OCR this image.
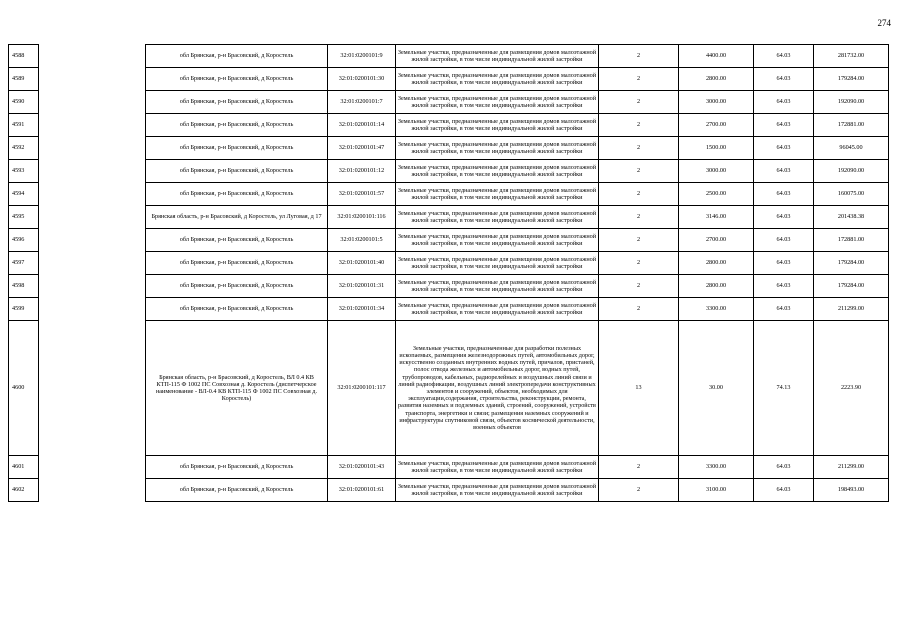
274
4588		обл Брянская, р-н Брасовский, д Коростель	32:01:0200101:9	Земельные участки, предназначенные для размещения домов малоэтажной жилой застройки, в том числе индивидуальной жилой застройки	2	4400.00	64.03	281732.00
4589		обл Брянская, р-н Брасовский, д Коростель	32:01:0200101:30	Земельные участки, предназначенные для размещения домов малоэтажной жилой застройки, в том числе индивидуальной жилой застройки	2	2800.00	64.03	179284.00
4590		обл Брянская, р-н Брасовский, д Коростель	32:01:0200101:7	Земельные участки, предназначенные для размещения домов малоэтажной жилой застройки, в том числе индивидуальной жилой застройки	2	3000.00	64.03	192090.00
4591		обл Брянская, р-н Брасовский, д Коростель	32:01:0200101:14	Земельные участки, предназначенные для размещения домов малоэтажной жилой застройки, в том числе индивидуальной жилой застройки	2	2700.00	64.03	172881.00
4592		обл Брянская, р-н Брасовский, д Коростель	32:01:0200101:47	Земельные участки, предназначенные для размещения домов малоэтажной жилой застройки, в том числе индивидуальной жилой застройки	2	1500.00	64.03	96045.00
4593		обл Брянская, р-н Брасовский, д Коростель	32:01:0200101:12	Земельные участки, предназначенные для размещения домов малоэтажной жилой застройки, в том числе индивидуальной жилой застройки	2	3000.00	64.03	192090.00
4594		обл Брянская, р-н Брасовский, д Коростель	32:01:0200101:57	Земельные участки, предназначенные для размещения домов малоэтажной жилой застройки, в том числе индивидуальной жилой застройки	2	2500.00	64.03	160075.00
4595		Брянская область, р-н Брасовский, д Коростель, ул Луговая, д 17	32:01:0200101:116	Земельные участки, предназначенные для размещения домов малоэтажной жилой застройки, в том числе индивидуальной жилой застройки	2	3146.00	64.03	201438.38
4596		обл Брянская, р-н Брасовский, д Коростель	32:01:0200101:5	Земельные участки, предназначенные для размещения домов малоэтажной жилой застройки, в том числе индивидуальной жилой застройки	2	2700.00	64.03	172881.00
4597		обл Брянская, р-н Брасовский, д Коростель	32:01:0200101:40	Земельные участки, предназначенные для размещения домов малоэтажной жилой застройки, в том числе индивидуальной жилой застройки	2	2800.00	64.03	179284.00
4598		обл Брянская, р-н Брасовский, д Коростель	32:01:0200101:31	Земельные участки, предназначенные для размещения домов малоэтажной жилой застройки, в том числе индивидуальной жилой застройки	2	2800.00	64.03	179284.00
4599		обл Брянская, р-н Брасовский, д Коростель	32:01:0200101:34	Земельные участки, предназначенные для размещения домов малоэтажной жилой застройки, в том числе индивидуальной жилой застройки	2	3300.00	64.03	211299.00
4600		Брянская область, р-н Брасовский, д Коростель, ВЛ 0.4 КВ КТП-115 Ф 1002 ПС Совхозная д. Коростель (диспетчерское наименование - ВЛ-0.4 КВ КТП-115 Ф 1002 ПС Совхозная д. Коростель)	32:01:0200101:117	Земельные участки, предназначенные для разработки полезных ископаемых, размещения железнодорожных путей, автомобильных дорог, искусственно созданных внутренних водных путей, причалов, пристаней, полос отвода железных и автомобильных дорог, водных путей, трубопроводов, кабельных, радиорелейных и воздушных линий связи и линий радиофикации, воздушных линий электропередачи конструктивных элементов и сооружений, объектов, необходимых для эксплуатации,содержания, строительства, реконструкции, ремонта, развития наземных и подземных зданий, строений, сооружений, устройств транспорта, энергетики и связи; размещения наземных сооружений и инфраструктуры спутниковой связи, объектов космической деятельности, военных объектов	13	30.00	74.13	2223.90
4601		обл Брянская, р-н Брасовский, д Коростель	32:01:0200101:43	Земельные участки, предназначенные для размещения домов малоэтажной жилой застройки, в том числе индивидуальной жилой застройки	2	3300.00	64.03	211299.00
4602		обл Брянская, р-н Брасовский, д Коростель	32:01:0200101:61	Земельные участки, предназначенные для размещения домов малоэтажной жилой застройки, в том числе индивидуальной жилой застройки	2	3100.00	64.03	198493.00
